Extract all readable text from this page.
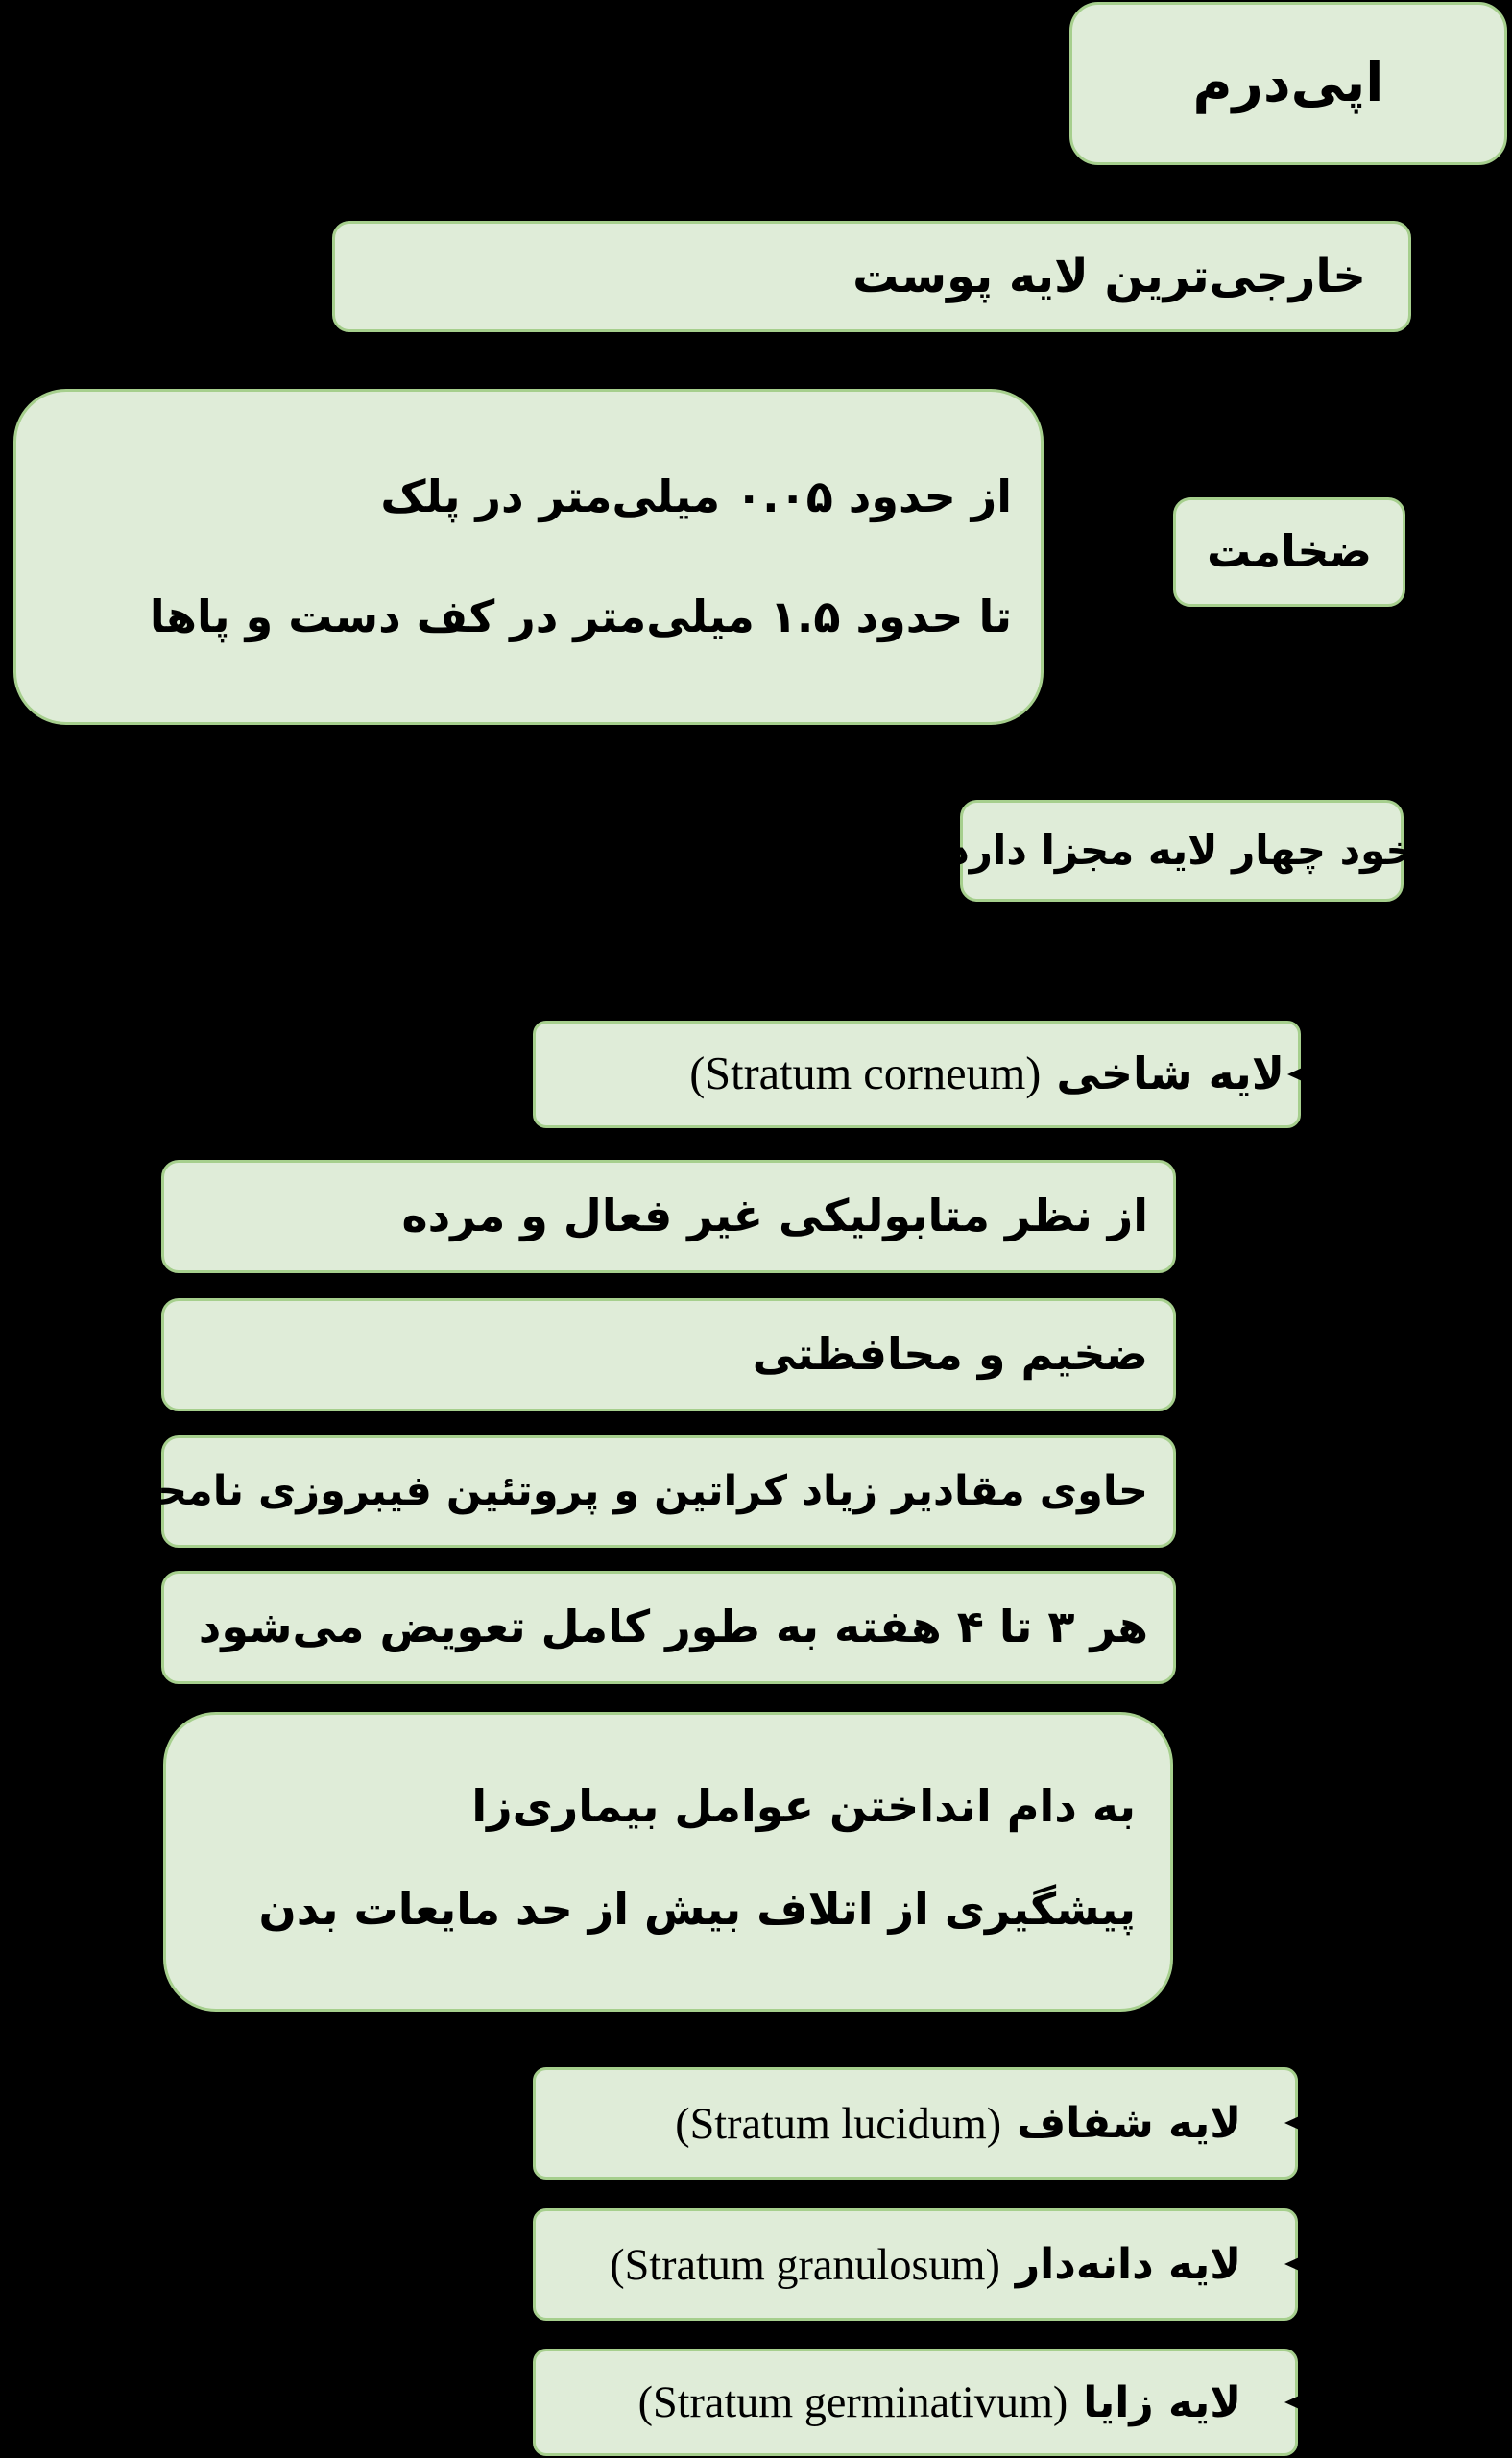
اپی‌درم
خارجی‌ترین لایه پوست
از حدود ۰.۰۵ میلی‌متر در پلک
تا حدود ۱.۵ میلی‌متر در کف دست و پاها
ضخامت
خود چهار لایه مجزا دارد
لایه شاخی
(Stratum corneum)
از نظر متابولیکی غیر فعال و مرده
ضخیم و محافظتی
حاوی مقادیر زیاد کراتین و پروتئین فیبروزی نامحلول
هر ۳ تا ۴ هفته به طور کامل تعویض می‌شود
به دام انداختن عوامل بیماری‌زا
پیشگیری از اتلاف بیش از حد مایعات بدن
لایه شفاف
(Stratum lucidum)
لایه دانه‌دار
(Stratum granulosum)
لایه زایا
(Stratum germinativum)
